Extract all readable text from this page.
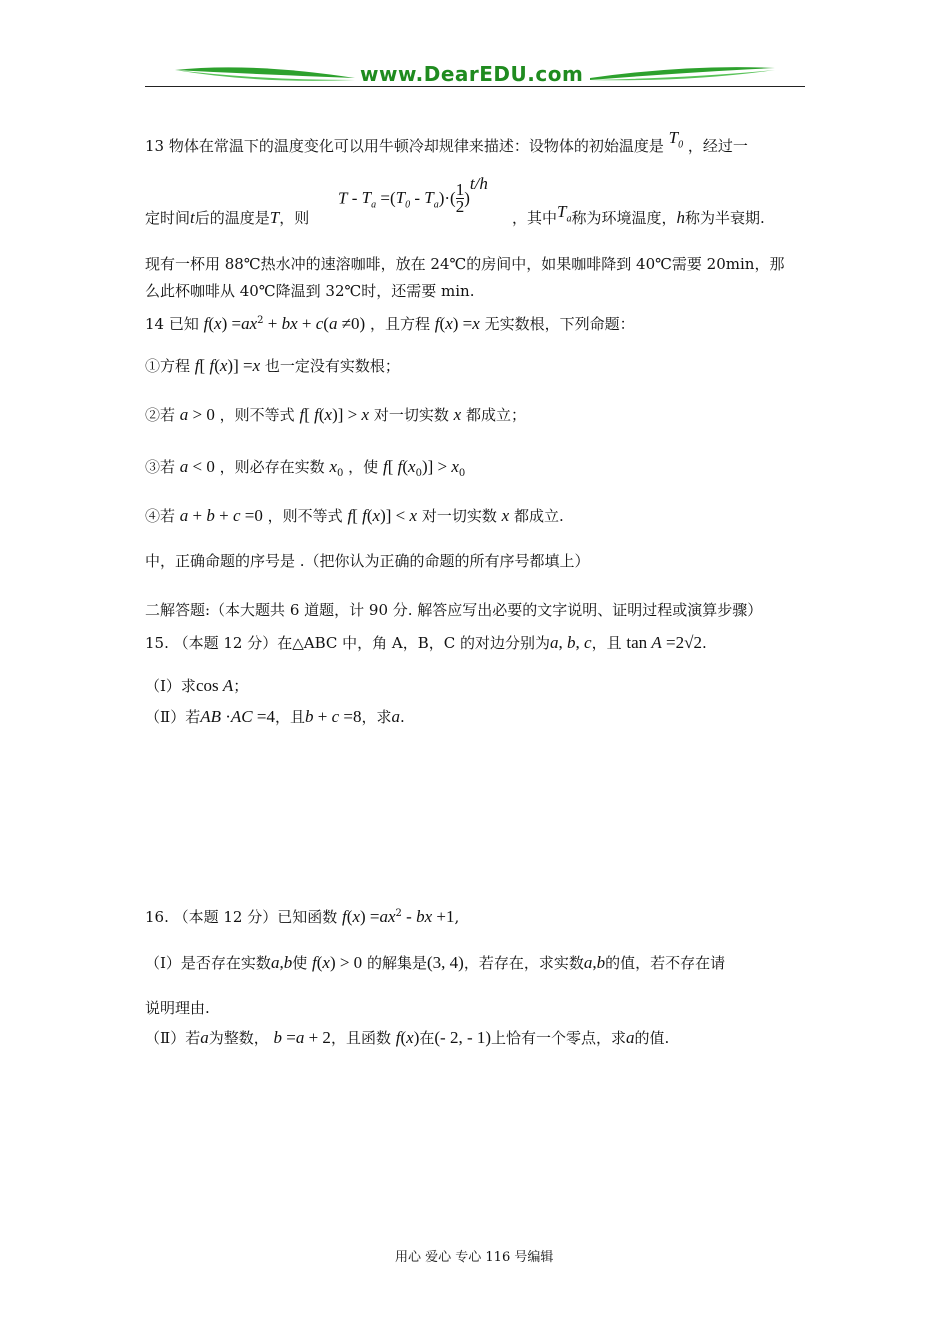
www.DearEDU.com
13 物体在常温下的温度变化可以用牛顿冷却规律来描述：设物体的初始温度是 $T_0$ ，经过一
定时间t后的温度是T，则
$T - T_a =(T_0 - T_a)\cdot( \frac{1}{2} )^{t/h}$
，其中$T_a$称为环境温度，h称为半衰期.
现有一杯用 88℃热水冲的速溶咖啡，放在 24℃的房间中，如果咖啡降到 40℃需要 20min，那
么此杯咖啡从 40℃降温到 32℃时，还需要 min.
14 已知 $f(x) =ax^2$ + bx + c(a ≠0) ，且方程 f(x) =x 无实数根，下列命题：
①方程 f[ f(x)] =x 也一定没有实数根；
②若 a > 0 ，则不等式 f[ f(x)] > x 对一切实数 x 都成立；
③若 a < 0 ，则必存在实数 $x_0$ ，使 f[ $f(x_0)] > x_0$
④若 a + b + c =0 ，则不等式 f[ f(x)] < x 对一切实数 x 都成立.
中，正确命题的序号是 .（把你认为正确的命题的所有序号都填上）
二解答题:（本大题共 6 道题，计 90 分. 解答应写出必要的文字说明、证明过程或演算步骤）
15. （本题 12 分）在△ABC 中，角 A，B，C 的对边分别为a, b, c，且 tan A =2√2.
（Ⅰ）求cos A；
（Ⅱ）若AB ·AC =4，且b + c =8，求a.
16. （本题 12 分）已知函数 $f(x) =ax^2$ - bx +1,
（Ⅰ）是否存在实数a,b使 f(x) > 0 的解集是(3, 4)，若存在，求实数a,b的值，若不存在请
说明理由.
（Ⅱ）若a为整数， b =a + 2，且函数 f(x)在(- 2, - 1)上恰有一个零点，求a的值.
用心 爱心 专心 116 号编辑
